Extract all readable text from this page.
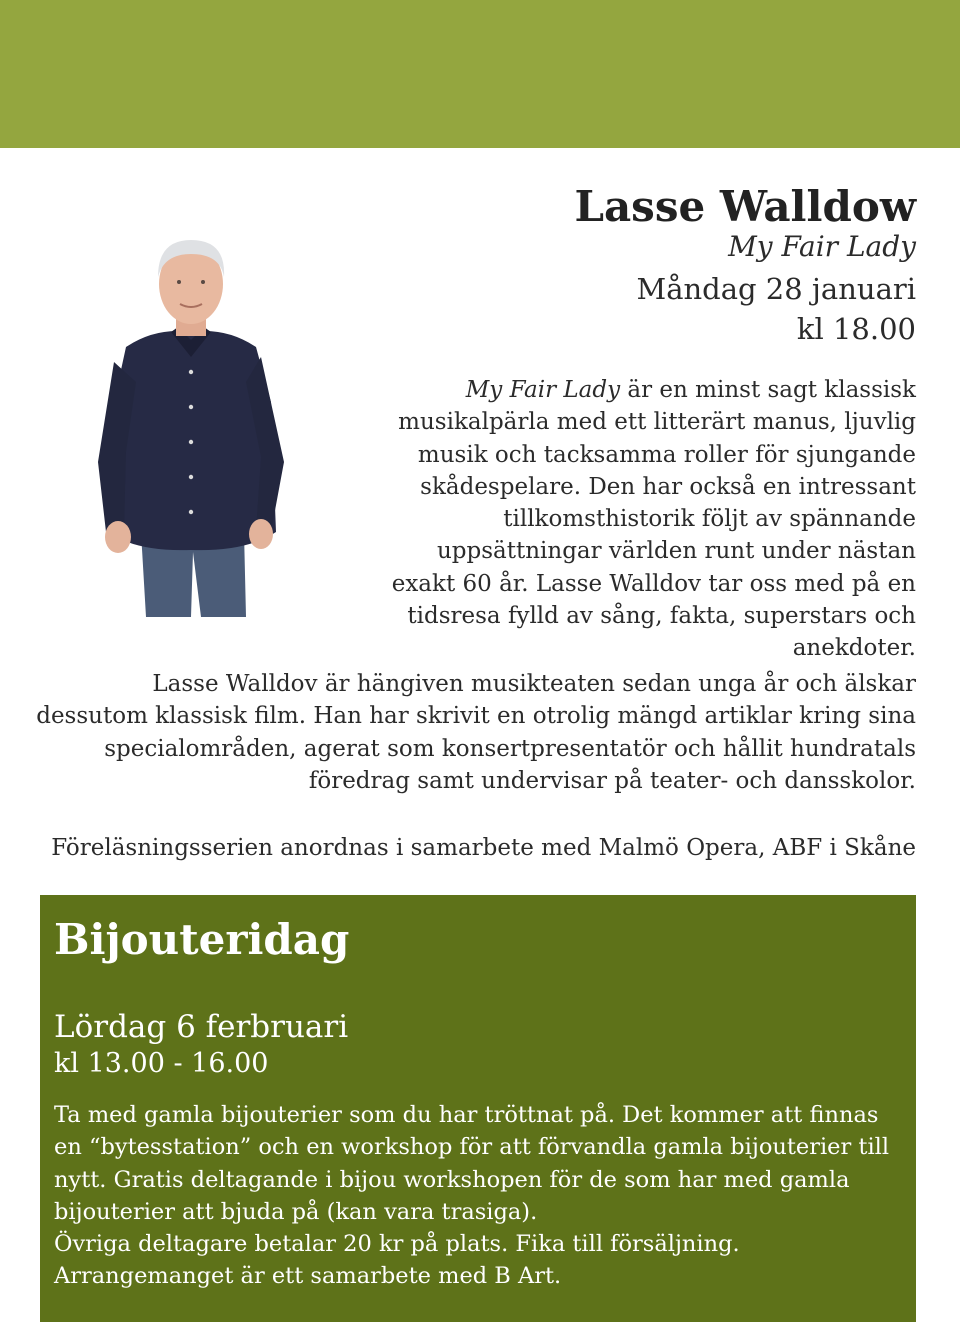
Lasse Walldow

My Fair Lady

Måndag 28 januari

kl 18.00

My Fair Lady är en minst sagt klassisk musikalpärla med ett litterärt manus, ljuvlig musik och tacksamma roller för sjungande skådespelare. Den har också en intressant tillkomsthistorik följt av spännande uppsättningar världen runt under nästan exakt 60 år. Lasse Walldov tar oss med på en tidsresa fylld av sång, fakta, superstars och anekdoter.

Lasse Walldov är hängiven musikteaten sedan unga år och älskar dessutom klassisk film. Han har skrivit en otrolig mängd artiklar kring sina specialområden, agerat som konsertpresentatör och hållit hundratals föredrag samt undervisar på teater- och dansskolor.

Föreläsningsserien anordnas i samarbete med Malmö Opera, ABF i Skåne
Bijouteridag

Lördag 6 ferbruari

kl 13.00 - 16.00

Ta med gamla bijouterier som du har tröttnat på. Det kommer att finnas en “bytesstation” och en workshop för att förvandla gamla bijouterier till nytt. Gratis deltagande i bijou workshopen för de som har med gamla bijouterier att bjuda på (kan vara trasiga).

Övriga deltagare betalar 20 kr på plats. Fika till försäljning.

Arrangemanget är ett samarbete med B Art.
